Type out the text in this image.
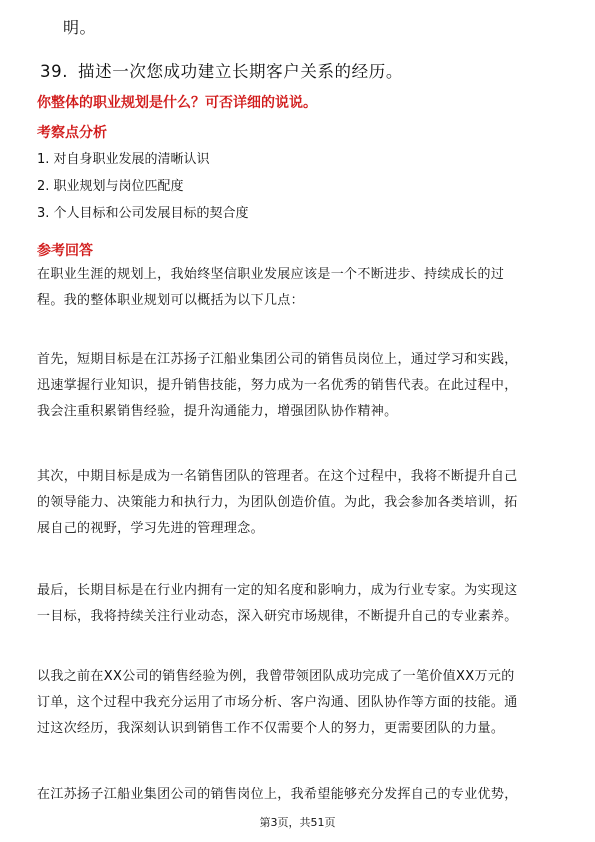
明。
39. 描述一次您成功建立长期客户关系的经历。
你整体的职业规划是什么？可否详细的说说。
考察点分析
1. 对自身职业发展的清晰认识
2. 职业规划与岗位匹配度
3. 个人目标和公司发展目标的契合度
参考回答
在职业生涯的规划上，我始终坚信职业发展应该是一个不断进步、持续成长的过
程。我的整体职业规划可以概括为以下几点：
首先，短期目标是在江苏扬子江船业集团公司的销售员岗位上，通过学习和实践，
迅速掌握行业知识，提升销售技能，努力成为一名优秀的销售代表。在此过程中，
我会注重积累销售经验，提升沟通能力，增强团队协作精神。
其次，中期目标是成为一名销售团队的管理者。在这个过程中，我将不断提升自己
的领导能力、决策能力和执行力，为团队创造价值。为此，我会参加各类培训，拓
展自己的视野，学习先进的管理理念。
最后，长期目标是在行业内拥有一定的知名度和影响力，成为行业专家。为实现这
一目标，我将持续关注行业动态，深入研究市场规律，不断提升自己的专业素养。
以我之前在XX公司的销售经验为例，我曾带领团队成功完成了一笔价值XX万元的
订单，这个过程中我充分运用了市场分析、客户沟通、团队协作等方面的技能。通
过这次经历，我深刻认识到销售工作不仅需要个人的努力，更需要团队的力量。
在江苏扬子江船业集团公司的销售岗位上，我希望能够充分发挥自己的专业优势，
第3页，共51页
